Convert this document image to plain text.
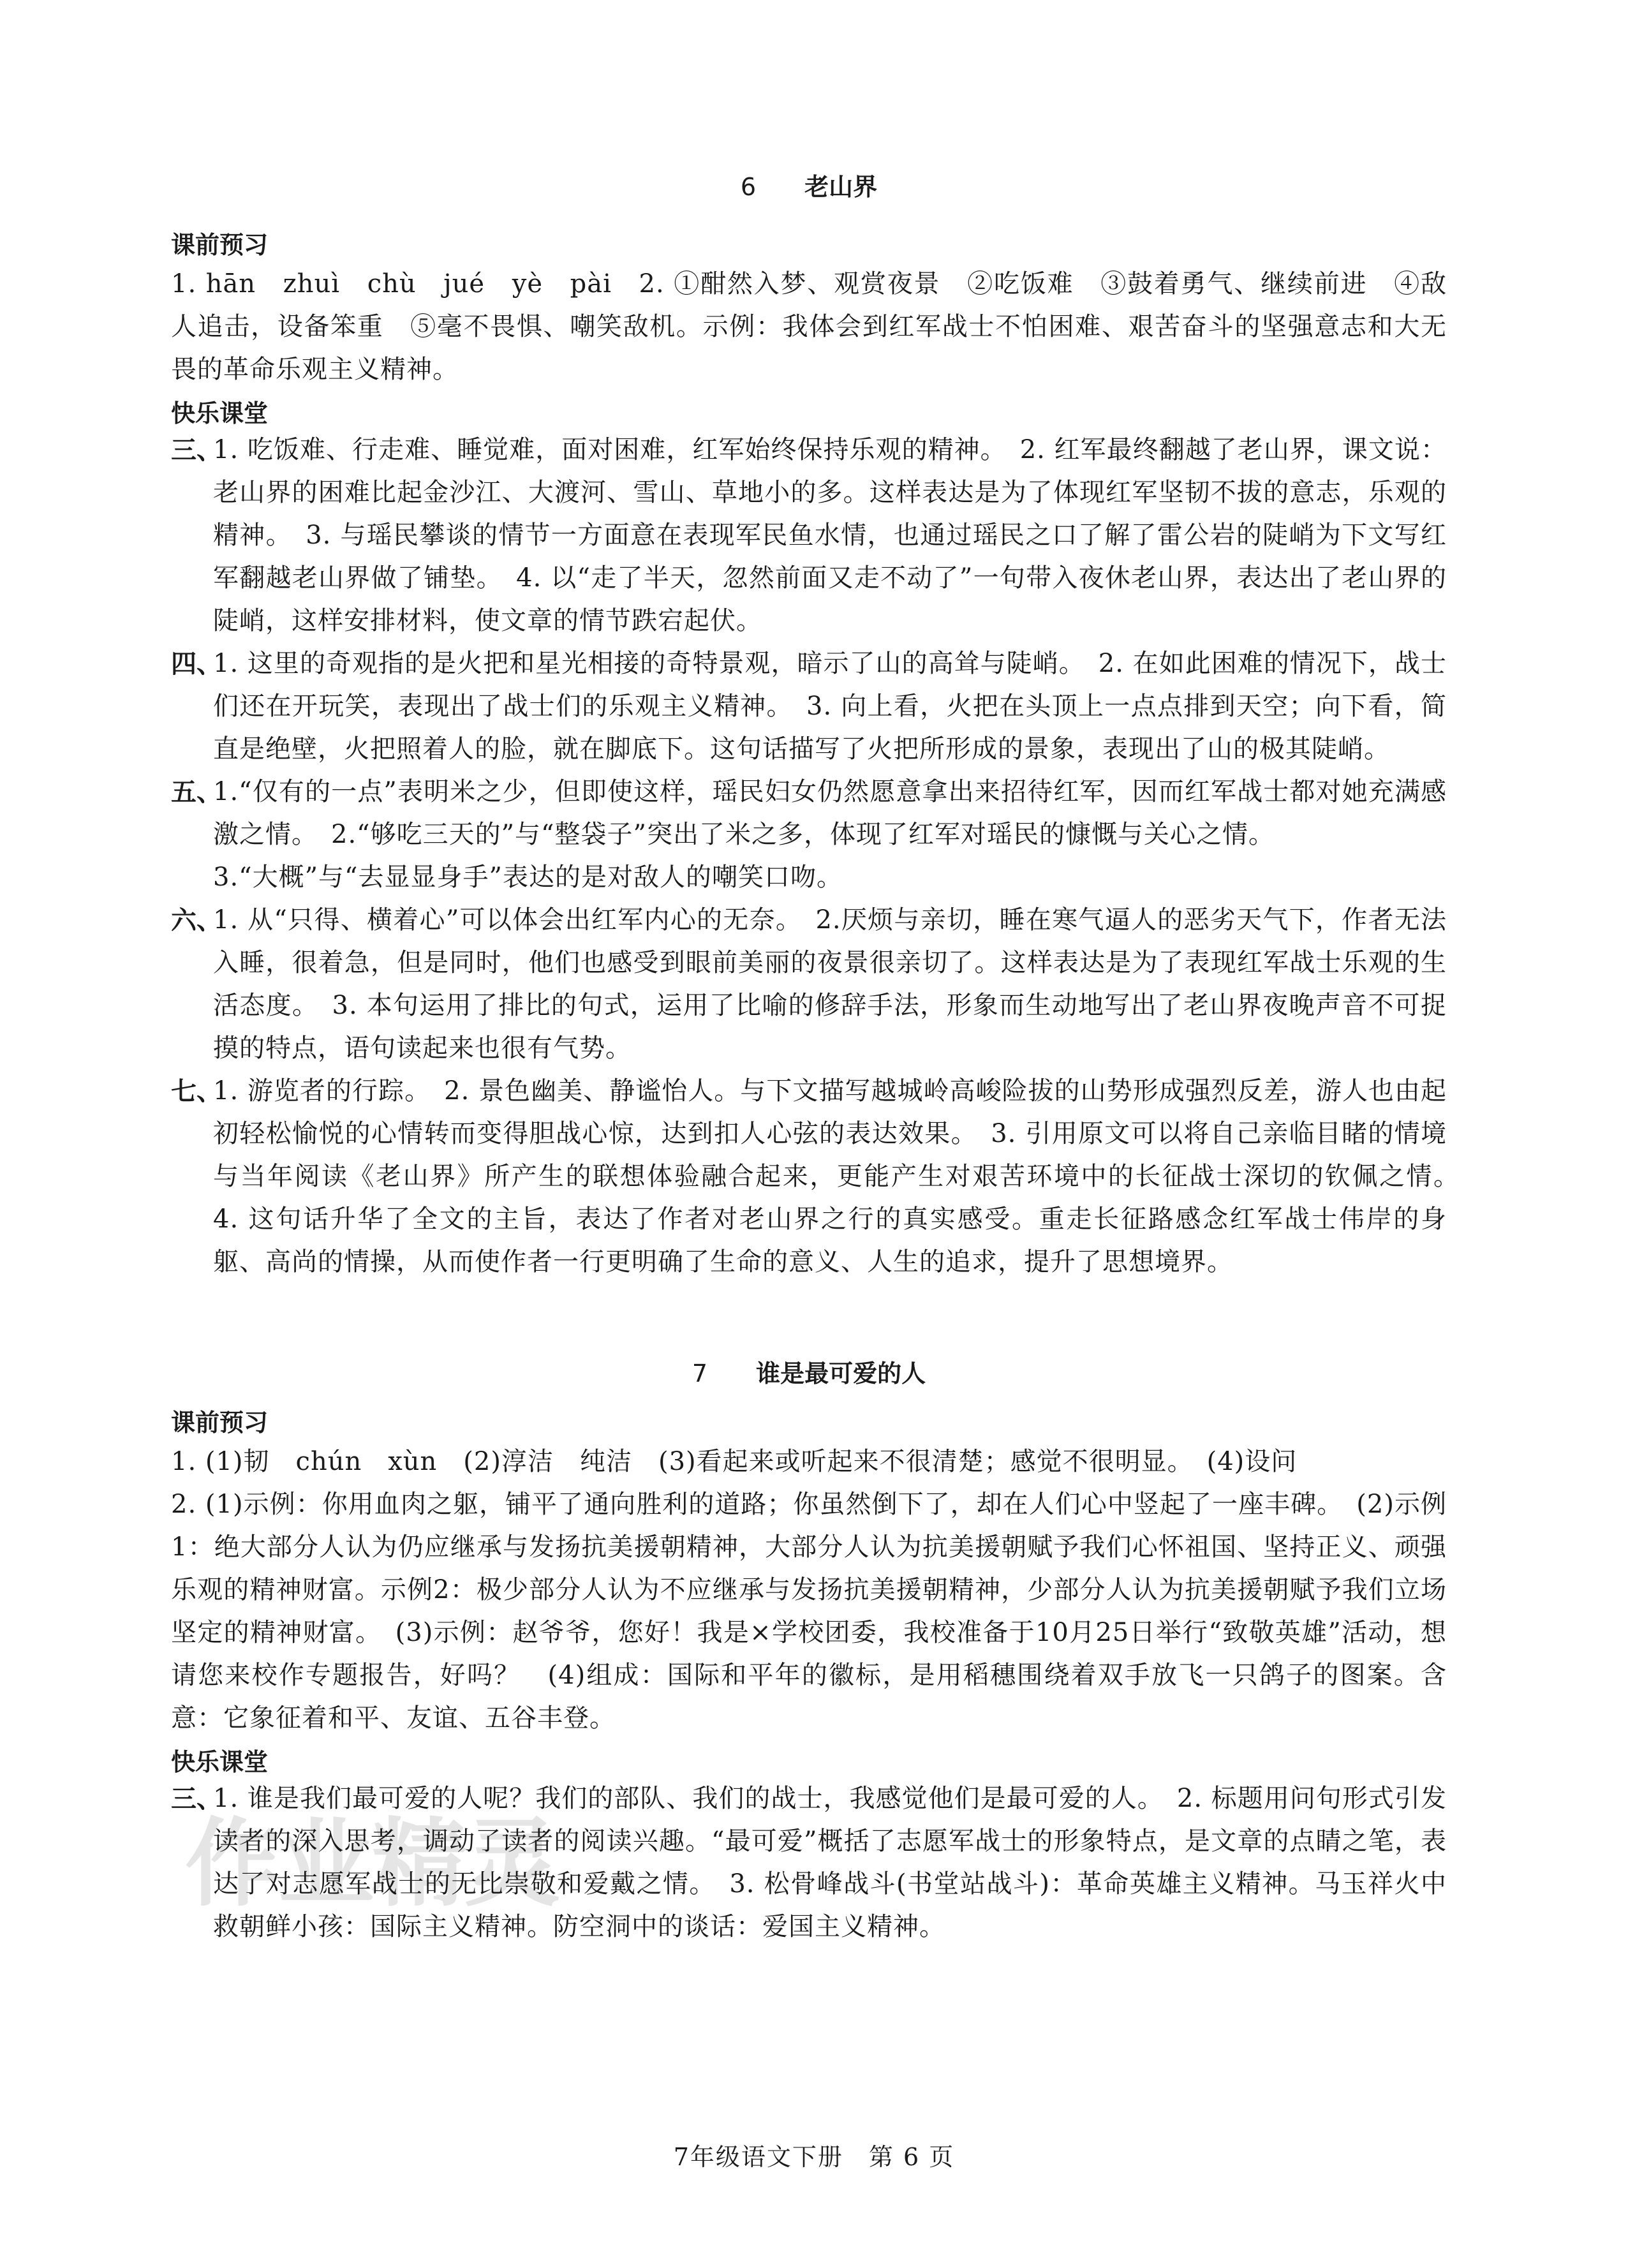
6　　 老山界

课前预习

1. hān　zhuì　chù　jué　yè　pài　2. ①酣然入梦、观赏夜景　②吃饭难　③鼓着勇气、继续前进　④敌人追击，设备笨重　⑤毫不畏惧、嘲笑敌机。示例：我体会到红军战士不怕困难、艰苦奋斗的坚强意志和大无畏的革命乐观主义精神。

快乐课堂

三、
1. 吃饭难、行走难、睡觉难，面对困难，红军始终保持乐观的精神。　2. 红军最终翻越了老山界，课文说：老山界的困难比起金沙江、大渡河、雪山、草地小的多。这样表达是为了体现红军坚韧不拔的意志，乐观的精神。　3. 与瑶民攀谈的情节一方面意在表现军民鱼水情，也通过瑶民之口了解了雷公岩的陡峭为下文写红军翻越老山界做了铺垫。　4. 以“走了半天，忽然前面又走不动了”一句带入夜休老山界，表达出了老山界的陡峭，这样安排材料，使文章的情节跌宕起伏。
四、
1. 这里的奇观指的是火把和星光相接的奇特景观，暗示了山的高耸与陡峭。　2. 在如此困难的情况下，战士们还在开玩笑，表现出了战士们的乐观主义精神。　3. 向上看，火把在头顶上一点点排到天空；向下看，简直是绝壁，火把照着人的脸，就在脚底下。这句话描写了火把所形成的景象，表现出了山的极其陡峭。
五、
1.“仅有的一点”表明米之少，但即使这样，瑶民妇女仍然愿意拿出来招待红军，因而红军战士都对她充满感激之情。　2.“够吃三天的”与“整袋子”突出了米之多，体现了红军对瑶民的慷慨与关心之情。
3.“大概”与“去显显身手”表达的是对敌人的嘲笑口吻。
六、
1. 从“只得、横着心”可以体会出红军内心的无奈。　2.厌烦与亲切，睡在寒气逼人的恶劣天气下，作者无法入睡，很着急，但是同时，他们也感受到眼前美丽的夜景很亲切了。这样表达是为了表现红军战士乐观的生活态度。　3. 本句运用了排比的句式，运用了比喻的修辞手法，形象而生动地写出了老山界夜晚声音不可捉摸的特点，语句读起来也很有气势。
七、
1. 游览者的行踪。　2. 景色幽美、静谧怡人。与下文描写越城岭高峻险拔的山势形成强烈反差，游人也由起初轻松愉悦的心情转而变得胆战心惊，达到扣人心弦的表达效果。　3. 引用原文可以将自己亲临目睹的情境与当年阅读《老山界》所产生的联想体验融合起来，更能产生对艰苦环境中的长征战士深切的钦佩之情。　4. 这句话升华了全文的主旨，表达了作者对老山界之行的真实感受。重走长征路感念红军战士伟岸的身躯、高尚的情操，从而使作者一行更明确了生命的意义、人生的追求，提升了思想境界。

7　　 谁是最可爱的人

课前预习

1. (1)韧　chún　xùn　(2)淳洁　纯洁　(3)看起来或听起来不很清楚；感觉不很明显。　(4)设问

2. (1)示例：你用血肉之躯，铺平了通向胜利的道路；你虽然倒下了，却在人们心中竖起了一座丰碑。　(2)示例1：绝大部分人认为仍应继承与发扬抗美援朝精神，大部分人认为抗美援朝赋予我们心怀祖国、坚持正义、顽强乐观的精神财富。示例2：极少部分人认为不应继承与发扬抗美援朝精神，少部分人认为抗美援朝赋予我们立场坚定的精神财富。　(3)示例：赵爷爷，您好！我是×学校团委，我校准备于10月25日举行“致敬英雄”活动，想请您来校作专题报告，好吗？　(4)组成：国际和平年的徽标，是用稻穗围绕着双手放飞一只鸽子的图案。含意：它象征着和平、友谊、五谷丰登。

快乐课堂

三、
1. 谁是我们最可爱的人呢？我们的部队、我们的战士，我感觉他们是最可爱的人。　2. 标题用问句形式引发读者的深入思考，调动了读者的阅读兴趣。“最可爱”概括了志愿军战士的形象特点，是文章的点睛之笔，表达了对志愿军战士的无比崇敬和爱戴之情。　3. 松骨峰战斗(书堂站战斗)：革命英雄主义精神。马玉祥火中救朝鲜小孩：国际主义精神。防空洞中的谈话：爱国主义精神。
作业精灵
7年级语文下册　第 6 页
